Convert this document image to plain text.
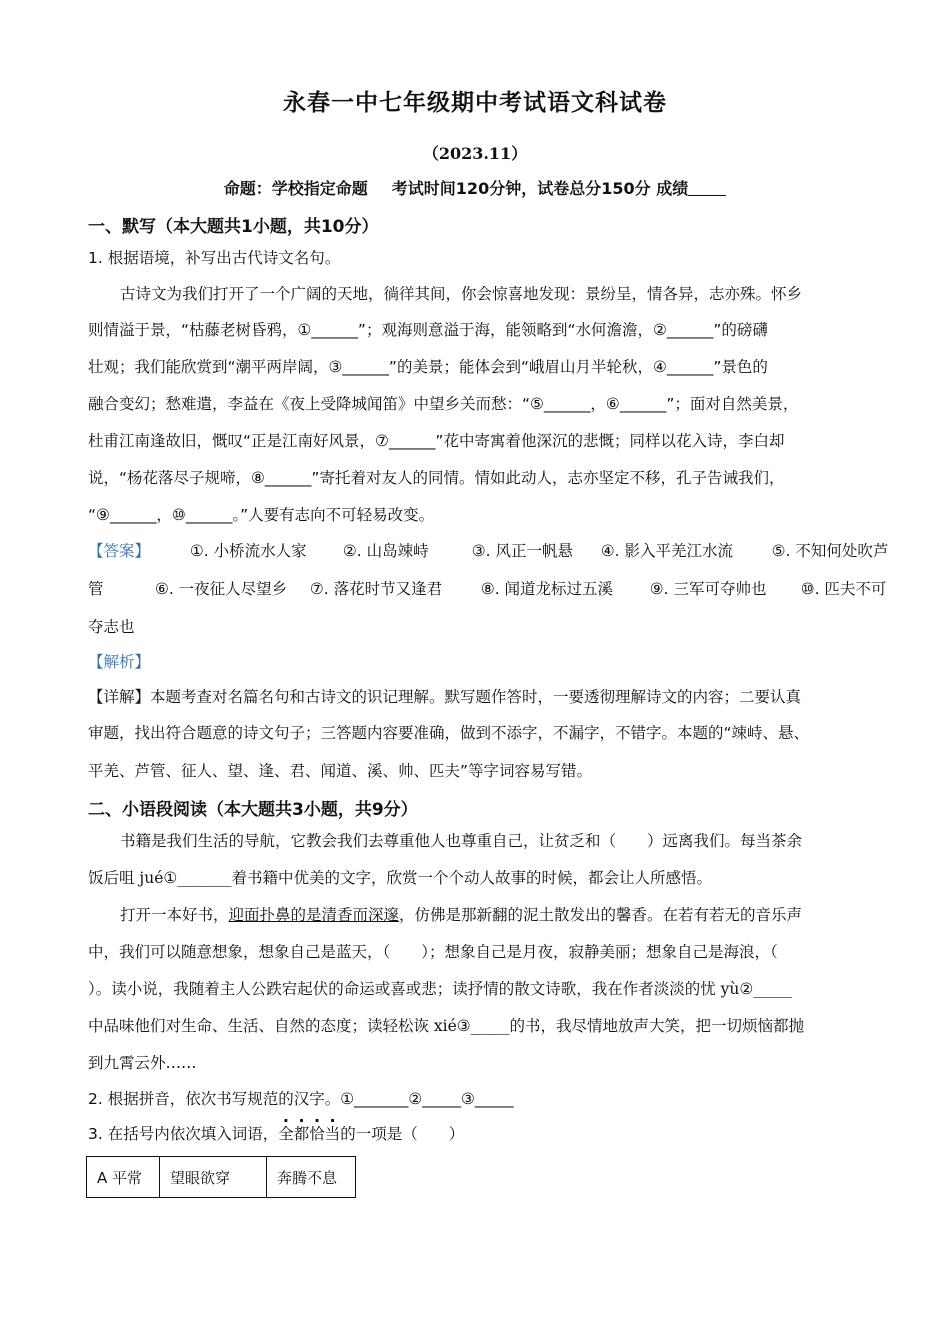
永春一中七年级期中考试语文科试卷
（2023.11）
命题：学校指定命题 考试时间120分钟，试卷总分150分 成绩
一、默写（本大题共1小题，共10分）
1. 根据语境，补写出古代诗文名句。
古诗文为我们打开了一个广阔的天地，徜徉其间，你会惊喜地发现：景纷呈，情各异，志亦殊。怀乡
则情溢于景，“枯藤老树昏鸦，①______”；观海则意溢于海，能领略到“水何澹澹，②______”的磅礴
壮观；我们能欣赏到“潮平两岸阔，③______”的美景；能体会到“峨眉山月半轮秋，④______”景色的
融合变幻；愁难遣，李益在《夜上受降城闻笛》中望乡关而愁：“⑤______，⑥______”；面对自然美景，
杜甫江南逢故旧，慨叹“正是江南好风景，⑦______”花中寄寓着他深沉的悲慨；同样以花入诗，李白却
说，“杨花落尽子规啼，⑧______”寄托着对友人的同情。情如此动人，志亦坚定不移，孔子告诫我们，
“⑨______，⑩______。”人要有志向不可轻易改变。
【答案】	①. 小桥流水人家 ②. 山岛竦峙	③. 风正一帆悬 ④. 影入平羌江水流 ⑤. 不知何处吹芦
管	⑥. 一夜征人尽望乡 ⑦. 落花时节又逢君 ⑧. 闻道龙标过五溪 ⑨. 三军可夺帅也 ⑩. 匹夫不可
夺志也
【解析】
【详解】本题考查对名篇名句和古诗文的识记理解。默写题作答时，一要透彻理解诗文的内容；二要认真
审题，找出符合题意的诗文句子；三答题内容要准确，做到不添字，不漏字，不错字。本题的“竦峙、悬、
平羌、芦管、征人、望、逢、君、闻道、溪、帅、匹夫”等字词容易写错。
二、小语段阅读（本大题共3小题，共9分）
书籍是我们生活的导航，它教会我们去尊重他人也尊重自己，让贫乏和（　　）远离我们。每当茶余
饭后咀 jué①_______着书籍中优美的文字，欣赏一个个动人故事的时候，都会让人所感悟。
打开一本好书，迎面扑鼻的是清香而深邃，仿佛是那新翻的泥土散发出的馨香。在若有若无的音乐声
中，我们可以随意想象，想象自己是蓝天，（　　）；想象自己是月夜，寂静美丽；想象自己是海浪，（
）。读小说，我随着主人公跌宕起伏的命运或喜或悲；读抒情的散文诗歌，我在作者淡淡的忧 yù②_____
中品味他们对生命、生活、自然的态度；读轻松诙 xié③_____的书，我尽情地放声大笑，把一切烦恼都抛
到九霄云外……
2. 根据拼音，依次书写规范的汉字。①_______②_____③_____
3. 在括号内依次填入词语，全都恰当的一项是（　　）
A 平常	望眼欲穿	奔腾不息
